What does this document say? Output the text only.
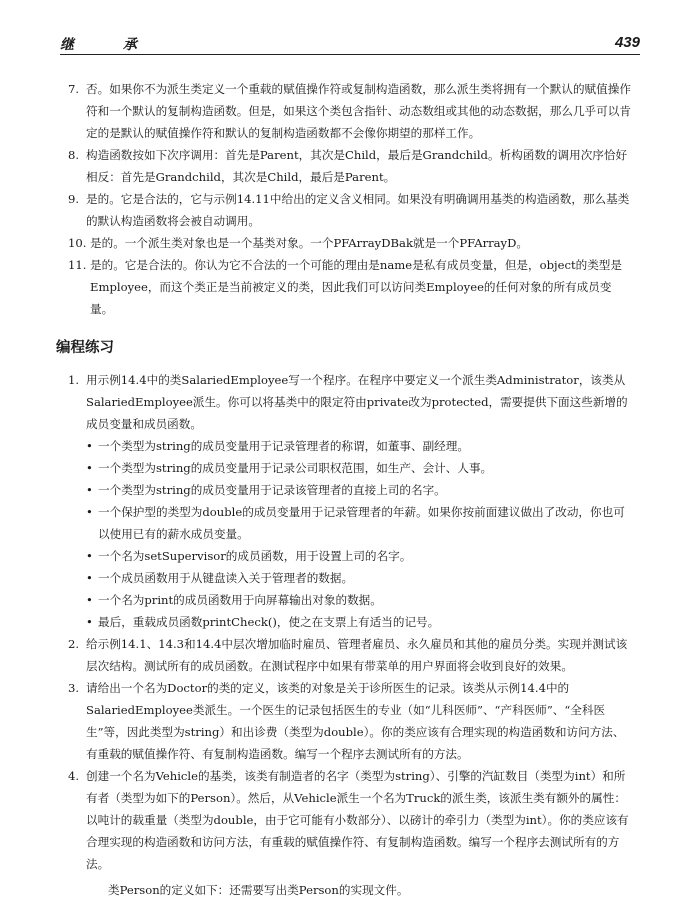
继 承	439
7. 否。如果你不为派生类定义一个重载的赋值操作符或复制构造函数，那么派生类将拥有一个默认的赋值操作符和一个默认的复制构造函数。但是，如果这个类包含指针、动态数组或其他的动态数据，那么几乎可以肯定的是默认的赋值操作符和默认的复制构造函数都不会像你期望的那样工作。
8. 构造函数按如下次序调用：首先是Parent，其次是Child，最后是Grandchild。析构函数的调用次序恰好相反：首先是Grandchild，其次是Child，最后是Parent。
9. 是的。它是合法的，它与示例14.11中给出的定义含义相同。如果没有明确调用基类的构造函数，那么基类的默认构造函数将会被自动调用。
10. 是的。一个派生类对象也是一个基类对象。一个PFArrayDBak就是一个PFArrayD。
11. 是的。它是合法的。你认为它不合法的一个可能的理由是name是私有成员变量，但是，object的类型是Employee，而这个类正是当前被定义的类，因此我们可以访问类Employee的任何对象的所有成员变量。
编程练习
1. 用示例14.4中的类SalariedEmployee写一个程序。在程序中要定义一个派生类Administrator，该类从SalariedEmployee派生。你可以将基类中的限定符由private改为protected，需要提供下面这些新增的成员变量和成员函数。
• 一个类型为string的成员变量用于记录管理者的称谓，如董事、副经理。
• 一个类型为string的成员变量用于记录公司职权范围，如生产、会计、人事。
• 一个类型为string的成员变量用于记录该管理者的直接上司的名字。
• 一个保护型的类型为double的成员变量用于记录管理者的年薪。如果你按前面建议做出了改动，你也可以使用已有的薪水成员变量。
• 一个名为setSupervisor的成员函数，用于设置上司的名字。
• 一个成员函数用于从键盘读入关于管理者的数据。
• 一个名为print的成员函数用于向屏幕输出对象的数据。
• 最后，重载成员函数printCheck()，使之在支票上有适当的记号。
2. 给示例14.1、14.3和14.4中层次增加临时雇员、管理者雇员、永久雇员和其他的雇员分类。实现并测试该层次结构。测试所有的成员函数。在测试程序中如果有带菜单的用户界面将会收到良好的效果。
3. 请给出一个名为Doctor的类的定义，该类的对象是关于诊所医生的记录。该类从示例14.4中的SalariedEmployee类派生。一个医生的记录包括医生的专业（如“儿科医师”、“产科医师”、“全科医生”等，因此类型为string）和出诊费（类型为double）。你的类应该有合理实现的构造函数和访问方法、有重载的赋值操作符、有复制构造函数。编写一个程序去测试所有的方法。
4. 创建一个名为Vehicle的基类，该类有制造者的名字（类型为string）、引擎的汽缸数目（类型为int）和所有者（类型为如下的Person）。然后，从Vehicle派生一个名为Truck的派生类，该派生类有额外的属性：以吨计的载重量（类型为double，由于它可能有小数部分）、以磅计的牵引力（类型为int）。你的类应该有合理实现的构造函数和访问方法，有重载的赋值操作符、有复制构造函数。编写一个程序去测试所有的方法。
类Person的定义如下：还需要写出类Person的实现文件。
